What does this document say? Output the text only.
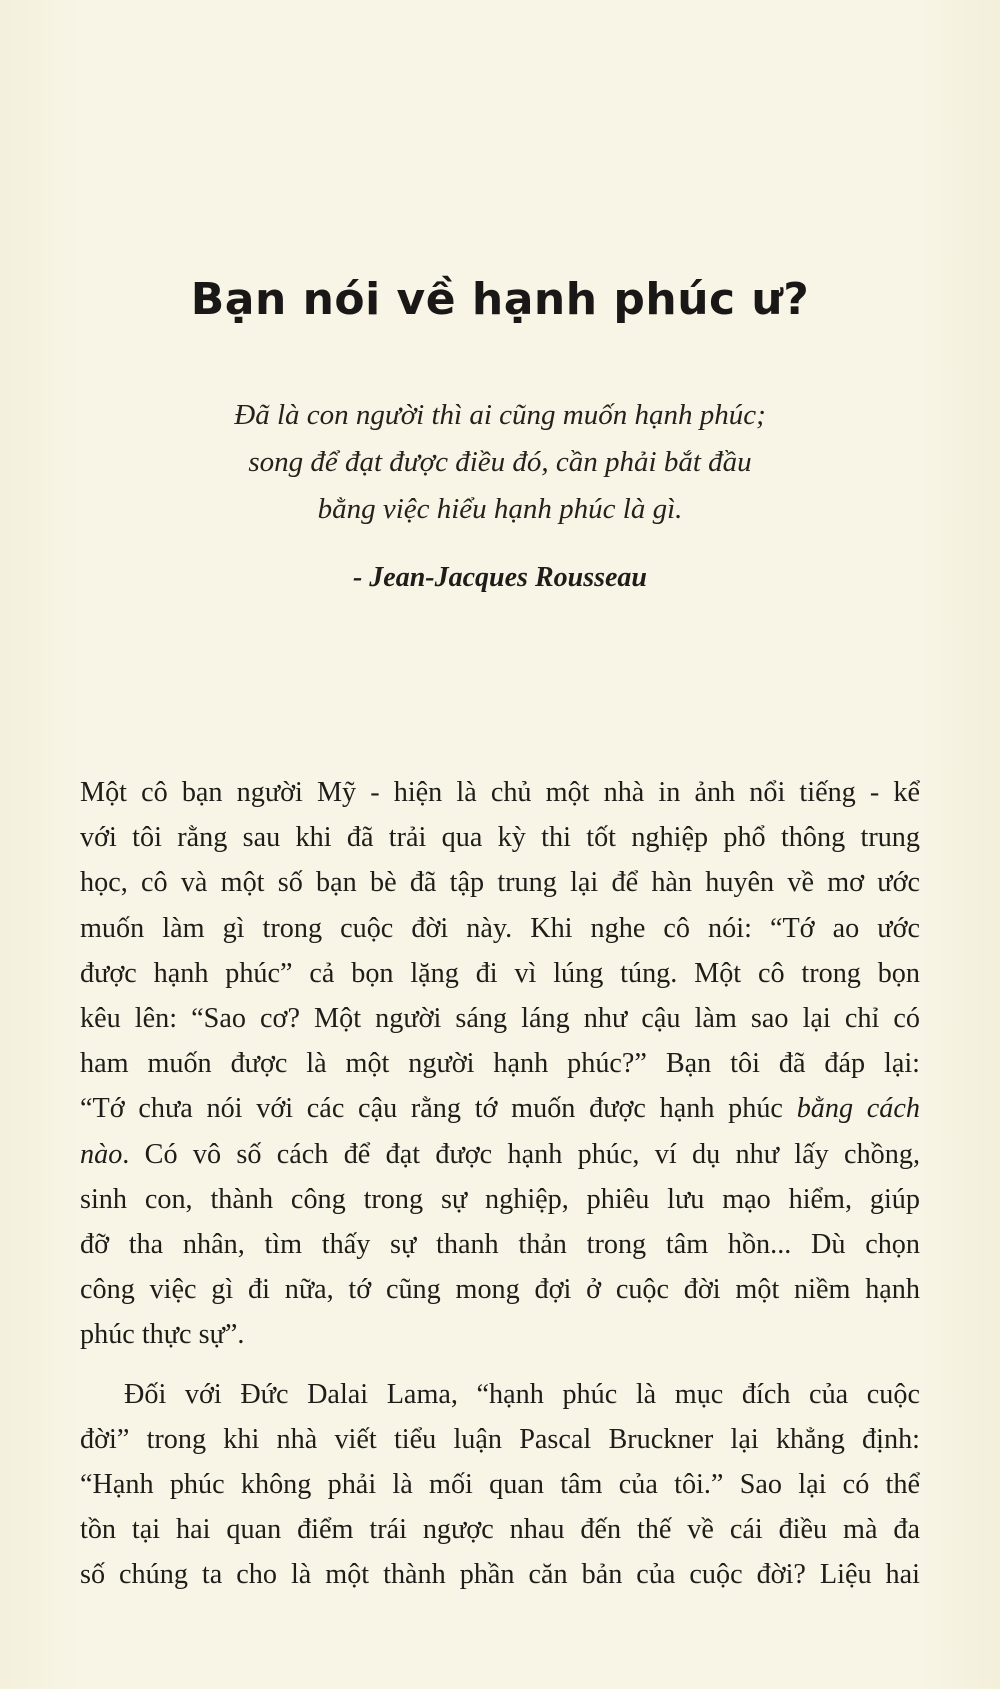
Bạn nói về hạnh phúc ư?
Đã là con người thì ai cũng muốn hạnh phúc;
song để đạt được điều đó, cần phải bắt đầu
bằng việc hiểu hạnh phúc là gì.
- Jean-Jacques Rousseau

Một cô bạn người Mỹ - hiện là chủ một nhà in ảnh nổi tiếng - kể
với tôi rằng sau khi đã trải qua kỳ thi tốt nghiệp phổ thông trung
học, cô và một số bạn bè đã tập trung lại để hàn huyên về mơ ước
muốn làm gì trong cuộc đời này. Khi nghe cô nói: “Tớ ao ước
được hạnh phúc” cả bọn lặng đi vì lúng túng. Một cô trong bọn
kêu lên: “Sao cơ? Một người sáng láng như cậu làm sao lại chỉ có
ham muốn được là một người hạnh phúc?” Bạn tôi đã đáp lại:
“Tớ chưa nói với các cậu rằng tớ muốn được hạnh phúc bằng cách
nào. Có vô số cách để đạt được hạnh phúc, ví dụ như lấy chồng,
sinh con, thành công trong sự nghiệp, phiêu lưu mạo hiểm, giúp
đỡ tha nhân, tìm thấy sự thanh thản trong tâm hồn... Dù chọn
công việc gì đi nữa, tớ cũng mong đợi ở cuộc đời một niềm hạnh
phúc thực sự”.

Đối với Đức Dalai Lama, “hạnh phúc là mục đích của cuộc
đời” trong khi nhà viết tiểu luận Pascal Bruckner lại khẳng định:
“Hạnh phúc không phải là mối quan tâm của tôi.” Sao lại có thể
tồn tại hai quan điểm trái ngược nhau đến thế về cái điều mà đa
số chúng ta cho là một thành phần căn bản của cuộc đời? Liệu hai
